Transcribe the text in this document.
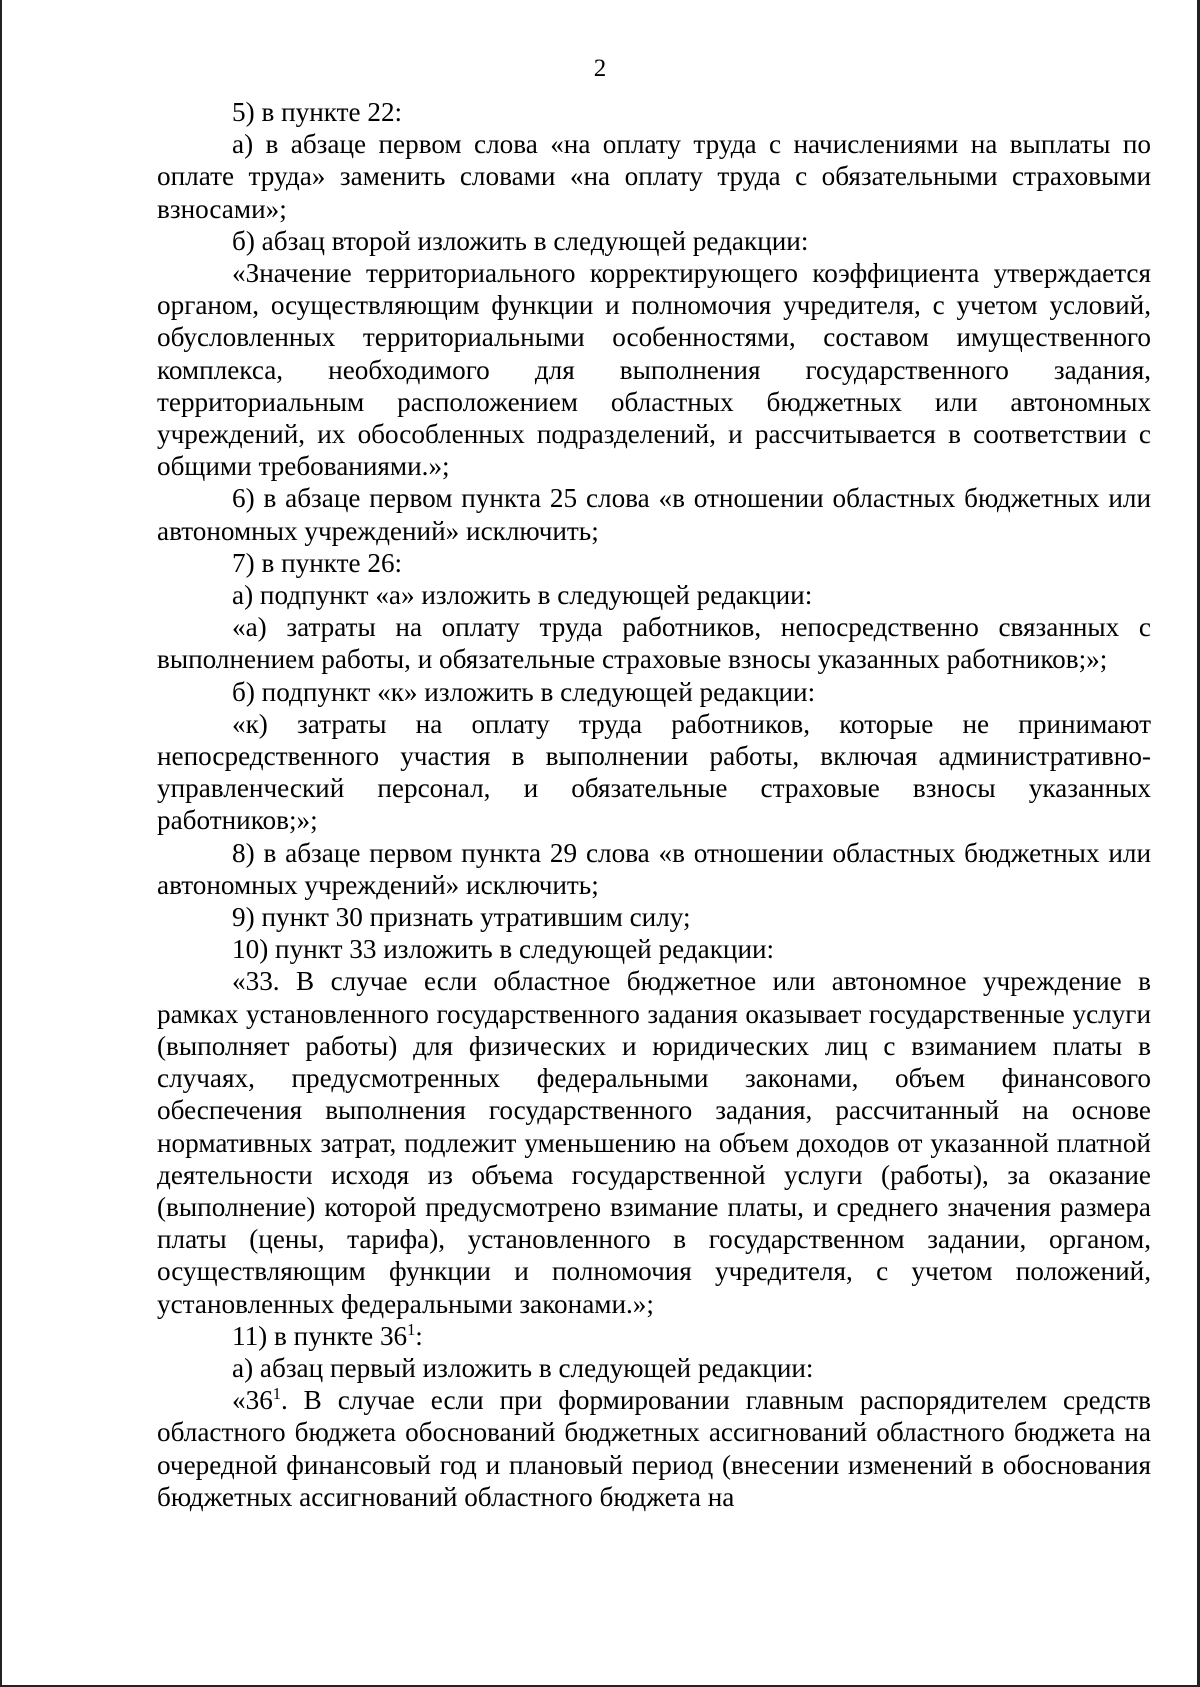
2

5) в пункте 22:

а) в абзаце первом слова «на оплату труда с начислениями на выплаты по оплате труда» заменить словами «на оплату труда с обязательными страховыми взносами»;

б) абзац второй изложить в следующей редакции:

«Значение территориального корректирующего коэффициента утверждается органом, осуществляющим функции и полномочия учредителя, с учетом условий, обусловленных территориальными особенностями, составом имущественного комплекса, необходимого для выполнения государственного задания, территориальным расположением областных бюджетных или автономных учреждений, их обособленных подразделений, и рассчитывается в соответствии с общими требованиями.»;

6) в абзаце первом пункта 25 слова «в отношении областных бюджетных или автономных учреждений» исключить;

7) в пункте 26:

а) подпункт «а» изложить в следующей редакции:

«а) затраты на оплату труда работников, непосредственно связанных с выполнением работы, и обязательные страховые взносы указанных работников;»;

б) подпункт «к» изложить в следующей редакции:

«к) затраты на оплату труда работников, которые не принимают непосредственного участия в выполнении работы, включая административно-управленческий персонал, и обязательные страховые взносы указанных работников;»;

8) в абзаце первом пункта 29 слова «в отношении областных бюджетных или автономных учреждений» исключить;

9) пункт 30 признать утратившим силу;

10) пункт 33 изложить в следующей редакции:

«33. В случае если областное бюджетное или автономное учреждение в рамках установленного государственного задания оказывает государственные услуги (выполняет работы) для физических и юридических лиц с взиманием платы в случаях, предусмотренных федеральными законами, объем финансового обеспечения выполнения государственного задания, рассчитанный на основе нормативных затрат, подлежит уменьшению на объем доходов от указанной платной деятельности исходя из объема государственной услуги (работы), за оказание (выполнение) которой предусмотрено взимание платы, и среднего значения размера платы (цены, тарифа), установленного в государственном задании, органом, осуществляющим функции и полномочия учредителя, с учетом положений, установленных федеральными законами.»;

11) в пункте $36^1$:

а) абзац первый изложить в следующей редакции:

«$36^1$. В случае если при формировании главным распорядителем средств областного бюджета обоснований бюджетных ассигнований областного бюджета на очередной финансовый год и плановый период (внесении изменений в обоснования бюджетных ассигнований областного бюджета на
